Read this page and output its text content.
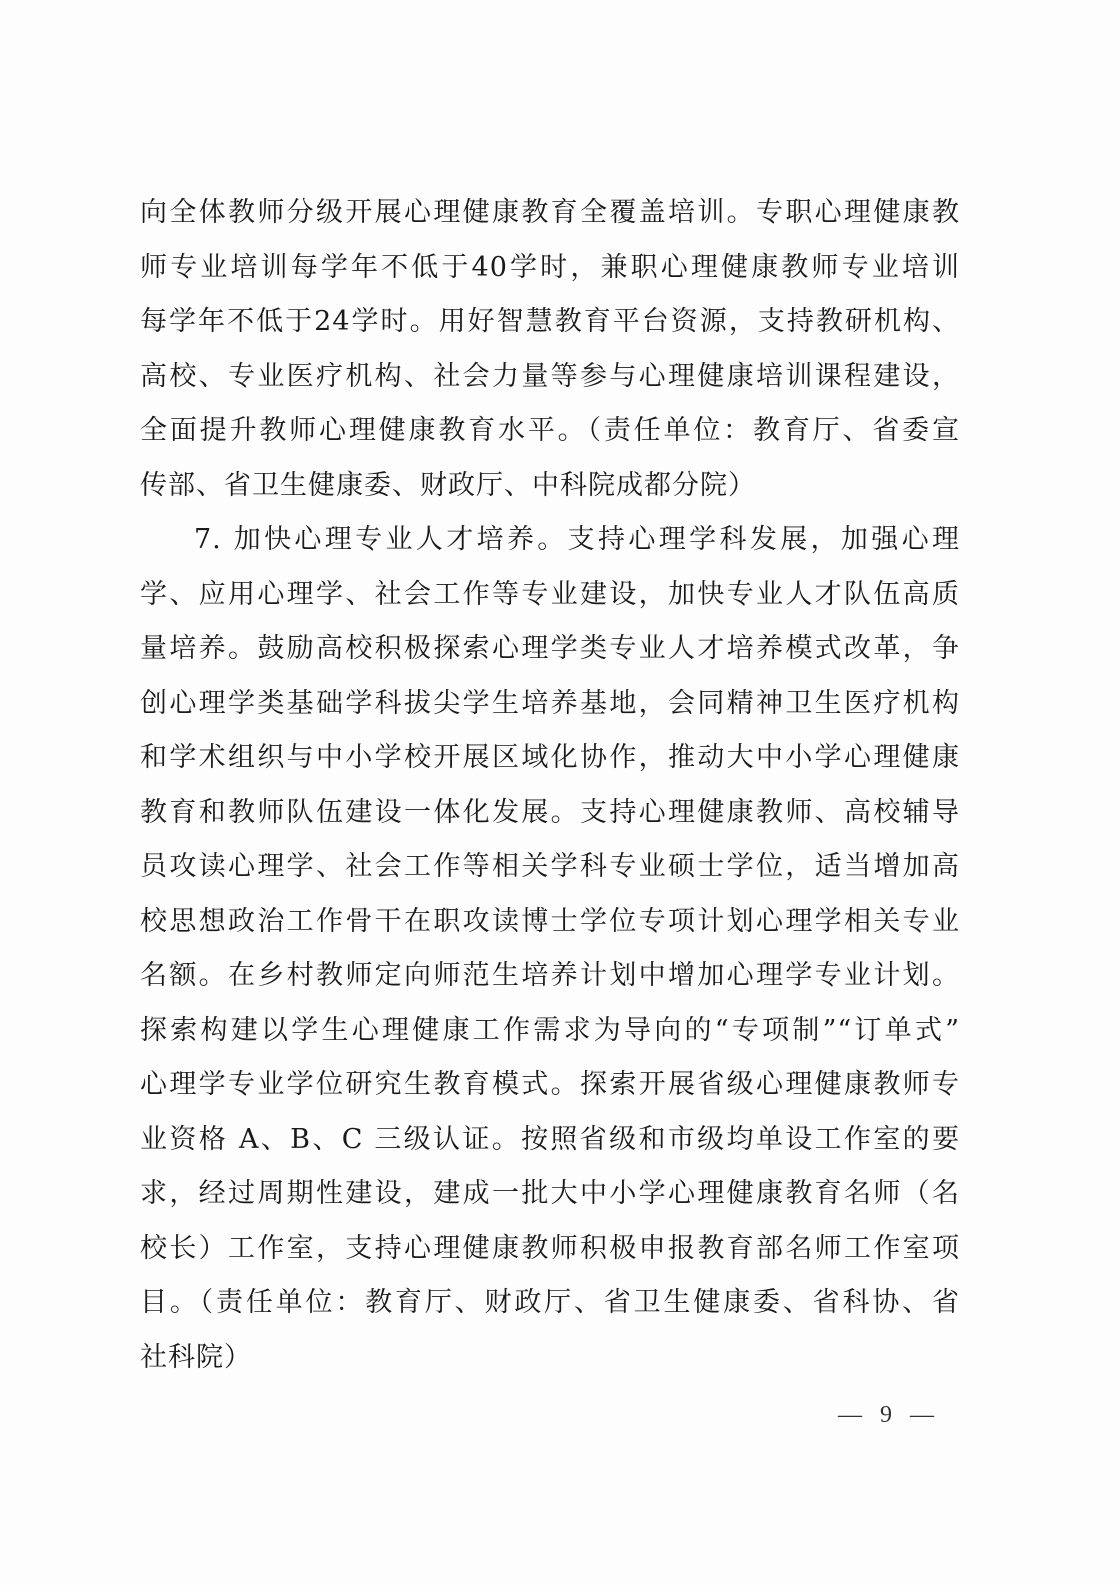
向全体教师分级开展心理健康教育全覆盖培训。专职心理健康教
师专业培训每学年不低于40学时，兼职心理健康教师专业培训
每学年不低于24学时。用好智慧教育平台资源，支持教研机构、
高校、专业医疗机构、社会力量等参与心理健康培训课程建设，
全面提升教师心理健康教育水平。（责任单位：教育厅、省委宣
传部、省卫生健康委、财政厅、中科院成都分院）
7. 加快心理专业人才培养。支持心理学科发展，加强心理
学、应用心理学、社会工作等专业建设，加快专业人才队伍高质
量培养。鼓励高校积极探索心理学类专业人才培养模式改革，争
创心理学类基础学科拔尖学生培养基地，会同精神卫生医疗机构
和学术组织与中小学校开展区域化协作，推动大中小学心理健康
教育和教师队伍建设一体化发展。支持心理健康教师、高校辅导
员攻读心理学、社会工作等相关学科专业硕士学位，适当增加高
校思想政治工作骨干在职攻读博士学位专项计划心理学相关专业
名额。在乡村教师定向师范生培养计划中增加心理学专业计划。
探索构建以学生心理健康工作需求为导向的“专项制”“订单式”
心理学专业学位研究生教育模式。探索开展省级心理健康教师专
业资格 A、B、C 三级认证。按照省级和市级均单设工作室的要
求，经过周期性建设，建成一批大中小学心理健康教育名师（名
校长）工作室，支持心理健康教师积极申报教育部名师工作室项
目。（责任单位：教育厅、财政厅、省卫生健康委、省科协、省
社科院）
— 9 —
